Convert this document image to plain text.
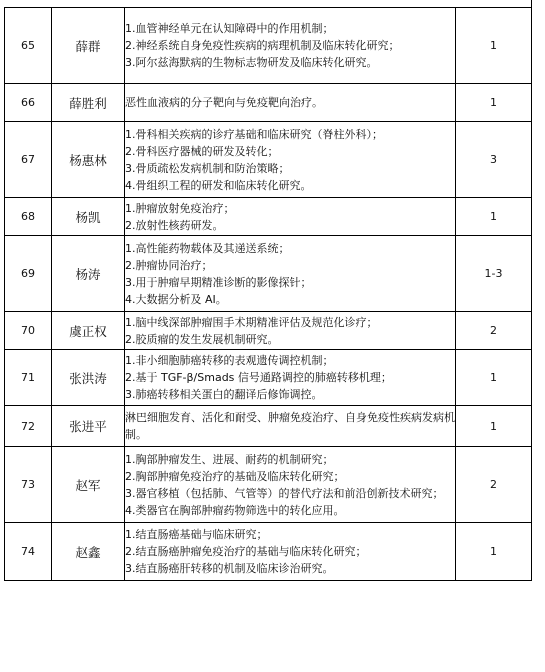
65	薛群	1.血管神经单元在认知障碍中的作用机制；
2.神经系统自身免疫性疾病的病理机制及临床转化研究；
3.阿尔兹海默病的生物标志物研发及临床转化研究。	1
66	薛胜利	恶性血液病的分子靶向与免疫靶向治疗。	1
67	杨惠林	1.骨科相关疾病的诊疗基础和临床研究（脊柱外科）；
2.骨科医疗器械的研发及转化；
3.骨质疏松发病机制和防治策略；
4.骨组织工程的研发和临床转化研究。	3
68	杨凯	1.肿瘤放射免疫治疗；
2.放射性核药研发。	1
69	杨涛	1.高性能药物载体及其递送系统；
2.肿瘤协同治疗；
3.用于肿瘤早期精准诊断的影像探针；
4.大数据分析及 AI。	1-3
70	虞正权	1.脑中线深部肿瘤围手术期精准评估及规范化诊疗；
2.胶质瘤的发生发展机制研究。	2
71	张洪涛	1.非小细胞肺癌转移的表观遗传调控机制；
2.基于 TGF-β/Smads 信号通路调控的肺癌转移机理；
3.肺癌转移相关蛋白的翻译后修饰调控。	1
72	张进平	淋巴细胞发育、活化和耐受、肿瘤免疫治疗、自身免疫性疾病发病机制。	1
73	赵军	1.胸部肿瘤发生、进展、耐药的机制研究；
2.胸部肿瘤免疫治疗的基础及临床转化研究；
3.器官移植（包括肺、气管等）的替代疗法和前沿创新技术研究；
4.类器官在胸部肿瘤药物筛选中的转化应用。	2
74	赵鑫	1.结直肠癌基础与临床研究；
2.结直肠癌肿瘤免疫治疗的基础与临床转化研究；
3.结直肠癌肝转移的机制及临床诊治研究。	1
